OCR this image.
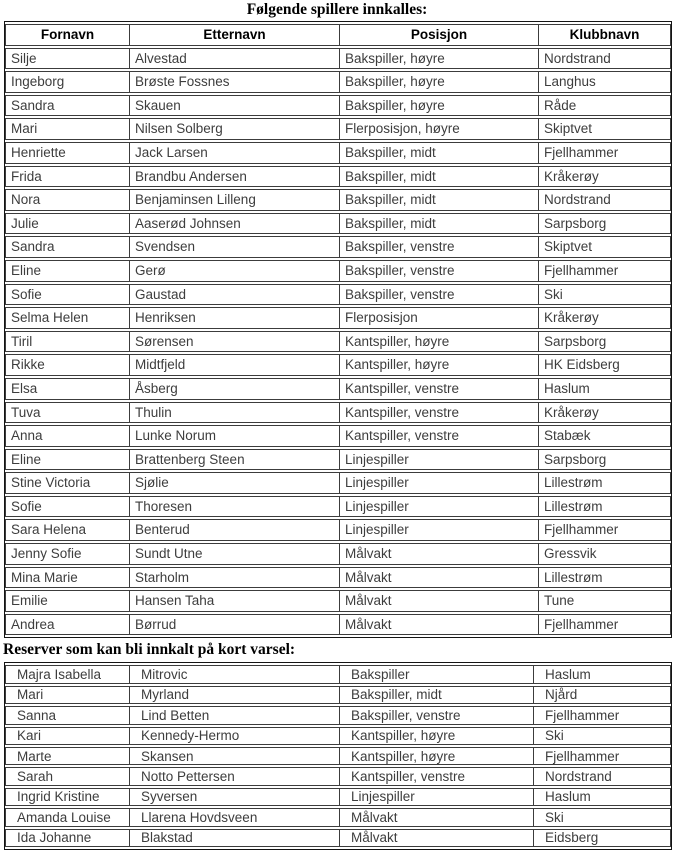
Følgende spillere innkalles:
Fornavn	Etternavn	Posisjon	Klubbnavn
Silje	Alvestad	Bakspiller, høyre	Nordstrand
Ingeborg	Brøste Fossnes	Bakspiller, høyre	Langhus
Sandra	Skauen	Bakspiller, høyre	Råde
Mari	Nilsen Solberg	Flerposisjon, høyre	Skiptvet
Henriette	Jack Larsen	Bakspiller, midt	Fjellhammer
Frida	Brandbu Andersen	Bakspiller, midt	Kråkerøy
Nora	Benjaminsen Lilleng	Bakspiller, midt	Nordstrand
Julie	Aaserød Johnsen	Bakspiller, midt	Sarpsborg
Sandra	Svendsen	Bakspiller, venstre	Skiptvet
Eline	Gerø	Bakspiller, venstre	Fjellhammer
Sofie	Gaustad	Bakspiller, venstre	Ski
Selma Helen	Henriksen	Flerposisjon	Kråkerøy
Tiril	Sørensen	Kantspiller, høyre	Sarpsborg
Rikke	Midtfjeld	Kantspiller, høyre	HK Eidsberg
Elsa	Åsberg	Kantspiller, venstre	Haslum
Tuva	Thulin	Kantspiller, venstre	Kråkerøy
Anna	Lunke Norum	Kantspiller, venstre	Stabæk
Eline	Brattenberg Steen	Linjespiller	Sarpsborg
Stine Victoria	Sjølie	Linjespiller	Lillestrøm
Sofie	Thoresen	Linjespiller	Lillestrøm
Sara Helena	Benterud	Linjespiller	Fjellhammer
Jenny Sofie	Sundt Utne	Målvakt	Gressvik
Mina Marie	Starholm	Målvakt	Lillestrøm
Emilie	Hansen Taha	Målvakt	Tune
Andrea	Børrud	Målvakt	Fjellhammer
Reserver som kan bli innkalt på kort varsel:
Majra Isabella	Mitrovic	Bakspiller	Haslum
Mari	Myrland	Bakspiller, midt	Njård
Sanna	Lind Betten	Bakspiller, venstre	Fjellhammer
Kari	Kennedy-Hermo	Kantspiller, høyre	Ski
Marte	Skansen	Kantspiller, høyre	Fjellhammer
Sarah	Notto Pettersen	Kantspiller, venstre	Nordstrand
Ingrid Kristine	Syversen	Linjespiller	Haslum
Amanda Louise	Llarena Hovdsveen	Målvakt	Ski
Ida Johanne	Blakstad	Målvakt	Eidsberg
